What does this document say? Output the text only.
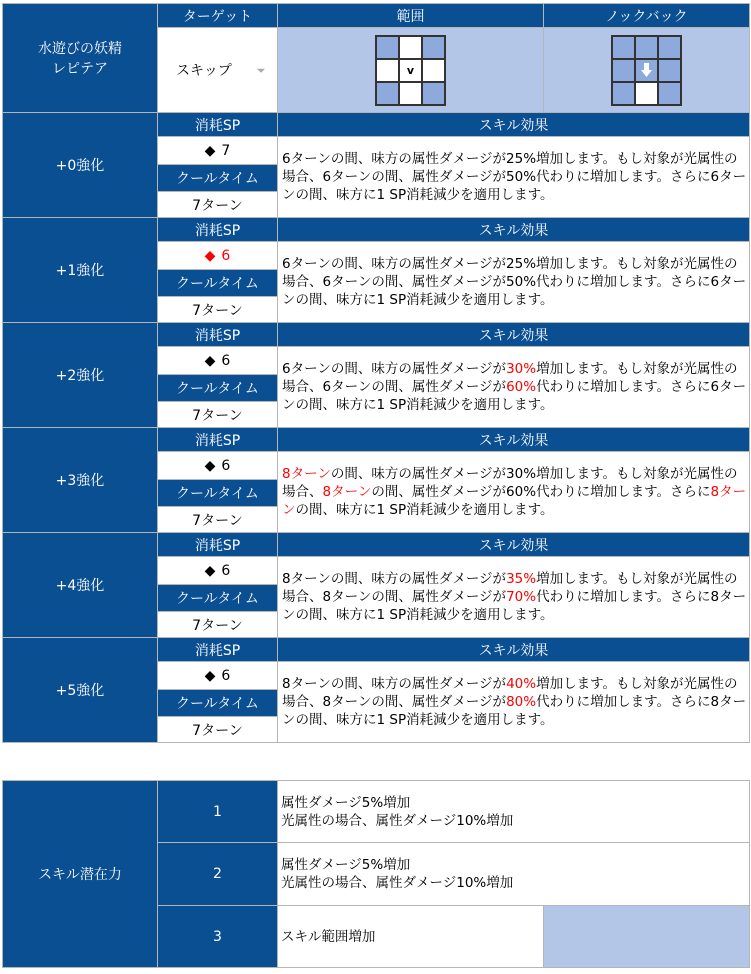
水遊びの妖精
レピテア	ターゲット	範囲	ノックバック

	スキップ	v

+0強化	消耗SP	スキル効果	
	◆ 7	6ターンの間、味方の属性ダメージが25%増加します。もし対象が光属性の場合、6ターンの間、属性ダメージが50%代わりに増加します。さらに6ターンの間、味方に1 SP消耗減少を適用します。	
	クールタイム		
	7ターン		
+1強化	消耗SP	スキル効果	
	◆ 6	6ターンの間、味方の属性ダメージが25%増加します。もし対象が光属性の場合、6ターンの間、属性ダメージが50%代わりに増加します。さらに6ターンの間、味方に1 SP消耗減少を適用します。	
	クールタイム		
	7ターン		
+2強化	消耗SP	スキル効果	
	◆ 6	6ターンの間、味方の属性ダメージが30%増加します。もし対象が光属性の場合、6ターンの間、属性ダメージが60%代わりに増加します。さらに6ターンの間、味方に1 SP消耗減少を適用します。	
	クールタイム		
	7ターン		
+3強化	消耗SP	スキル効果	
	◆ 6	8ターンの間、味方の属性ダメージが30%増加します。もし対象が光属性の場合、8ターンの間、属性ダメージが60%代わりに増加します。さらに8ターンの間、味方に1 SP消耗減少を適用します。	
	クールタイム		
	7ターン		
+4強化	消耗SP	スキル効果	
	◆ 6	8ターンの間、味方の属性ダメージが35%増加します。もし対象が光属性の場合、8ターンの間、属性ダメージが70%代わりに増加します。さらに8ターンの間、味方に1 SP消耗減少を適用します。	
	クールタイム		
	7ターン		
+5強化	消耗SP	スキル効果	
	◆ 6	8ターンの間、味方の属性ダメージが40%増加します。もし対象が光属性の場合、8ターンの間、属性ダメージが80%代わりに増加します。さらに8ターンの間、味方に1 SP消耗減少を適用します。	
	クールタイム		
	7ターン		
スキル潜在力	1	属性ダメージ5%増加
光属性の場合、属性ダメージ10%増加	
	2	属性ダメージ5%増加
光属性の場合、属性ダメージ10%増加	
	3	スキル範囲増加	
